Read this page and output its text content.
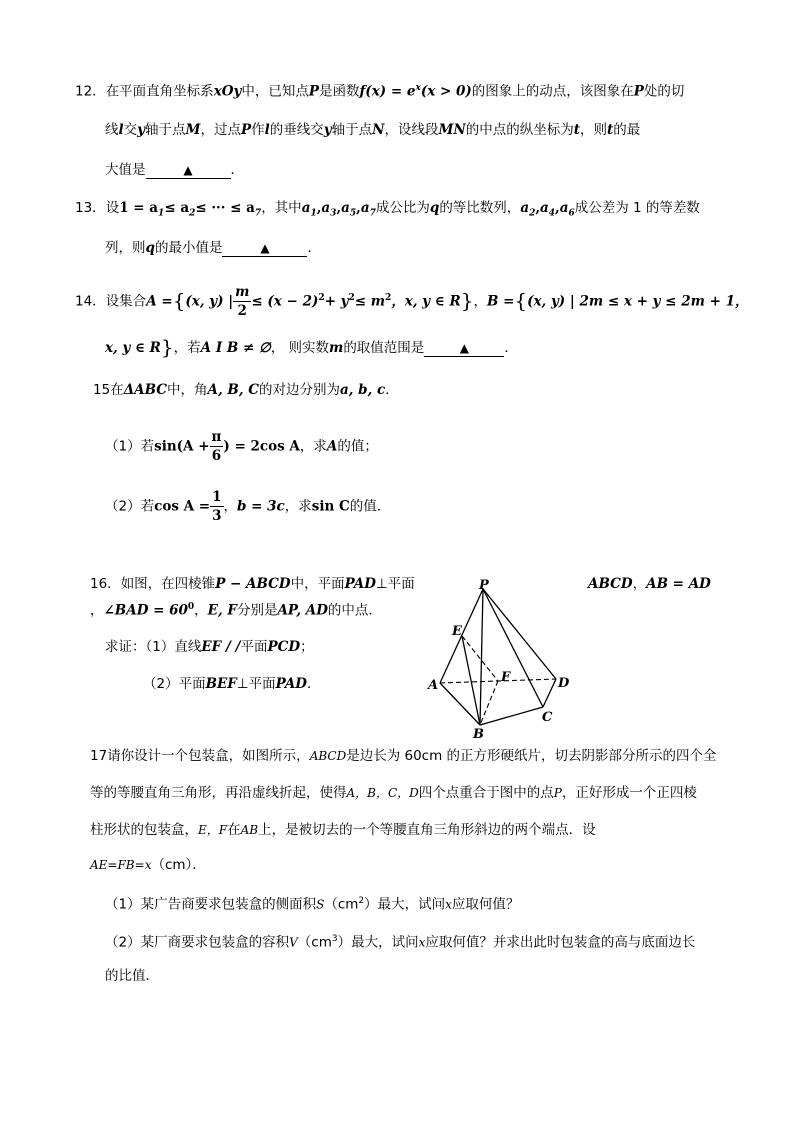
12．在平面直角坐标系xOy中，已知点P是函数$f(x) = e^x(x > 0)$的图象上的动点，该图象在P处的切
线l交y轴于点M，过点P作l的垂线交y轴于点N，设线段MN的中点的纵坐标为t，则t的最
大值是	▲	．
13．设$1 = a_1\le a_2\le$ ··· ≤ $a_7$，其中$a_1,a_3,a_5,a_7$成公比为q的等比数列，$a_2,a_4,a_6$成公差为 1 的等差数
列，则q的最小值是	▲	．
14．设集合A ={(x, y) | $\frac{m}{2} \le (x - 2)^2+ y^2\le m^2$，x, y ∈ R}，B ={(x, y) | 2m ≤ x + y ≤ 2m + 1，
x, y ∈ R}，若A I B ≠ ∅， 则实数m的取值范围是	▲	．
15在ΔABC中，角A, B, C的对边分别为a, b, c．
（1）若$\sin(A + \frac{\pi}{6}$ ) = 2cos A，求A的值；
（2）若$\cos A = \frac{1}{3}$ ，b = 3c，求sin C的值．
16．如图，在四棱锥P − ABCD中，平面PAD⊥平面	ABCD，AB = AD
，∠BAD = $60^0$，E, F分别是AP, AD的中点．
求证：（1）直线EF / /平面PCD；
（2）平面BEF⊥平面PAD．
P
E
F
A	D
B
C
17请你设计一个包装盒，如图所示，ABCD是边长为 60cm 的正方形硬纸片，切去阴影部分所示的四个全
等的等腰直角三角形，再沿虚线折起，使得A，B，C，D四个点重合于图中的点P，正好形成一个正四棱
柱形状的包装盒，E，F在AB上，是被切去的一个等腰直角三角形斜边的两个端点．设
AE=FB=x（cm）．
（1）某广告商要求包装盒的侧面积$S(cm^2)$最大，试问x应取何值？
（2）某厂商要求包装盒的容积$V(cm^3)$最大，试问x应取何值？并求出此时包装盒的高与底面边长
的比值．
